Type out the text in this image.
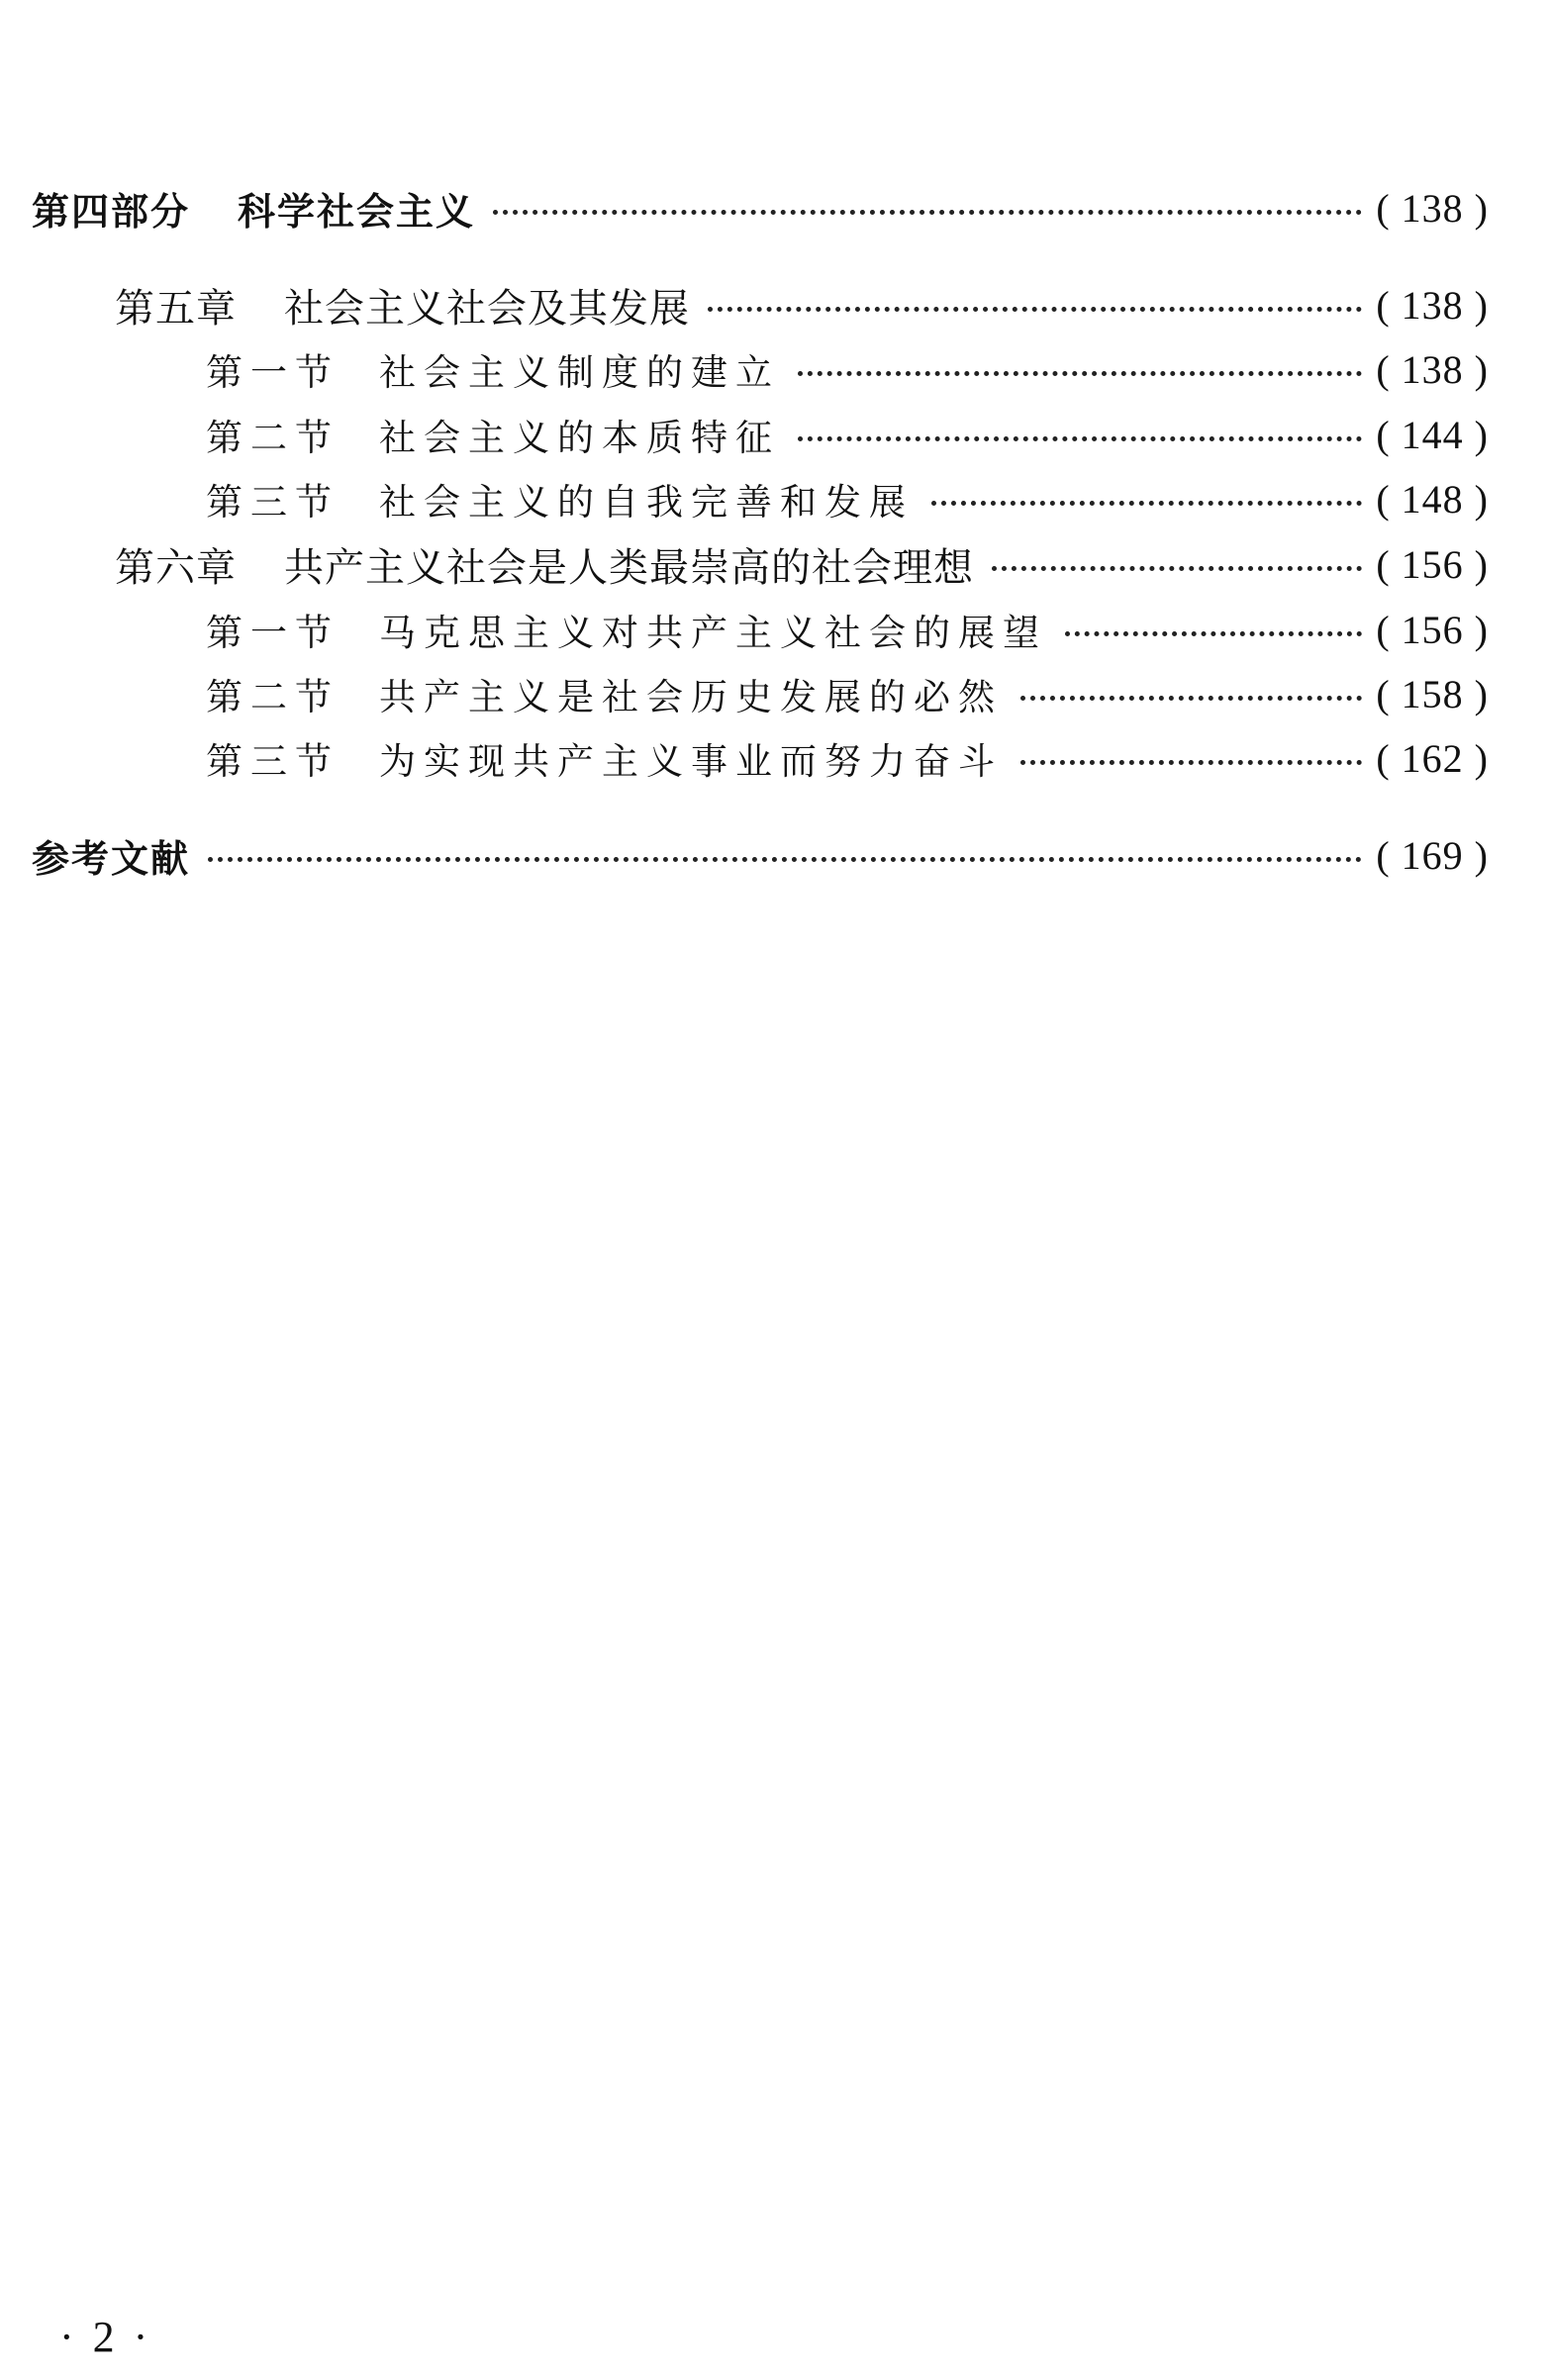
第四部分 科学社会主义	( 138 )
第五章 社会主义社会及其发展	( 138 )
第一节 社会主义制度的建立	( 138 )
第二节 社会主义的本质特征	( 144 )
第三节 社会主义的自我完善和发展	( 148 )
第六章 共产主义社会是人类最崇高的社会理想	( 156 )
第一节 马克思主义对共产主义社会的展望	( 156 )
第二节 共产主义是社会历史发展的必然	( 158 )
第三节 为实现共产主义事业而努力奋斗	( 162 )
参考文献	( 169 )
· 2 ·
